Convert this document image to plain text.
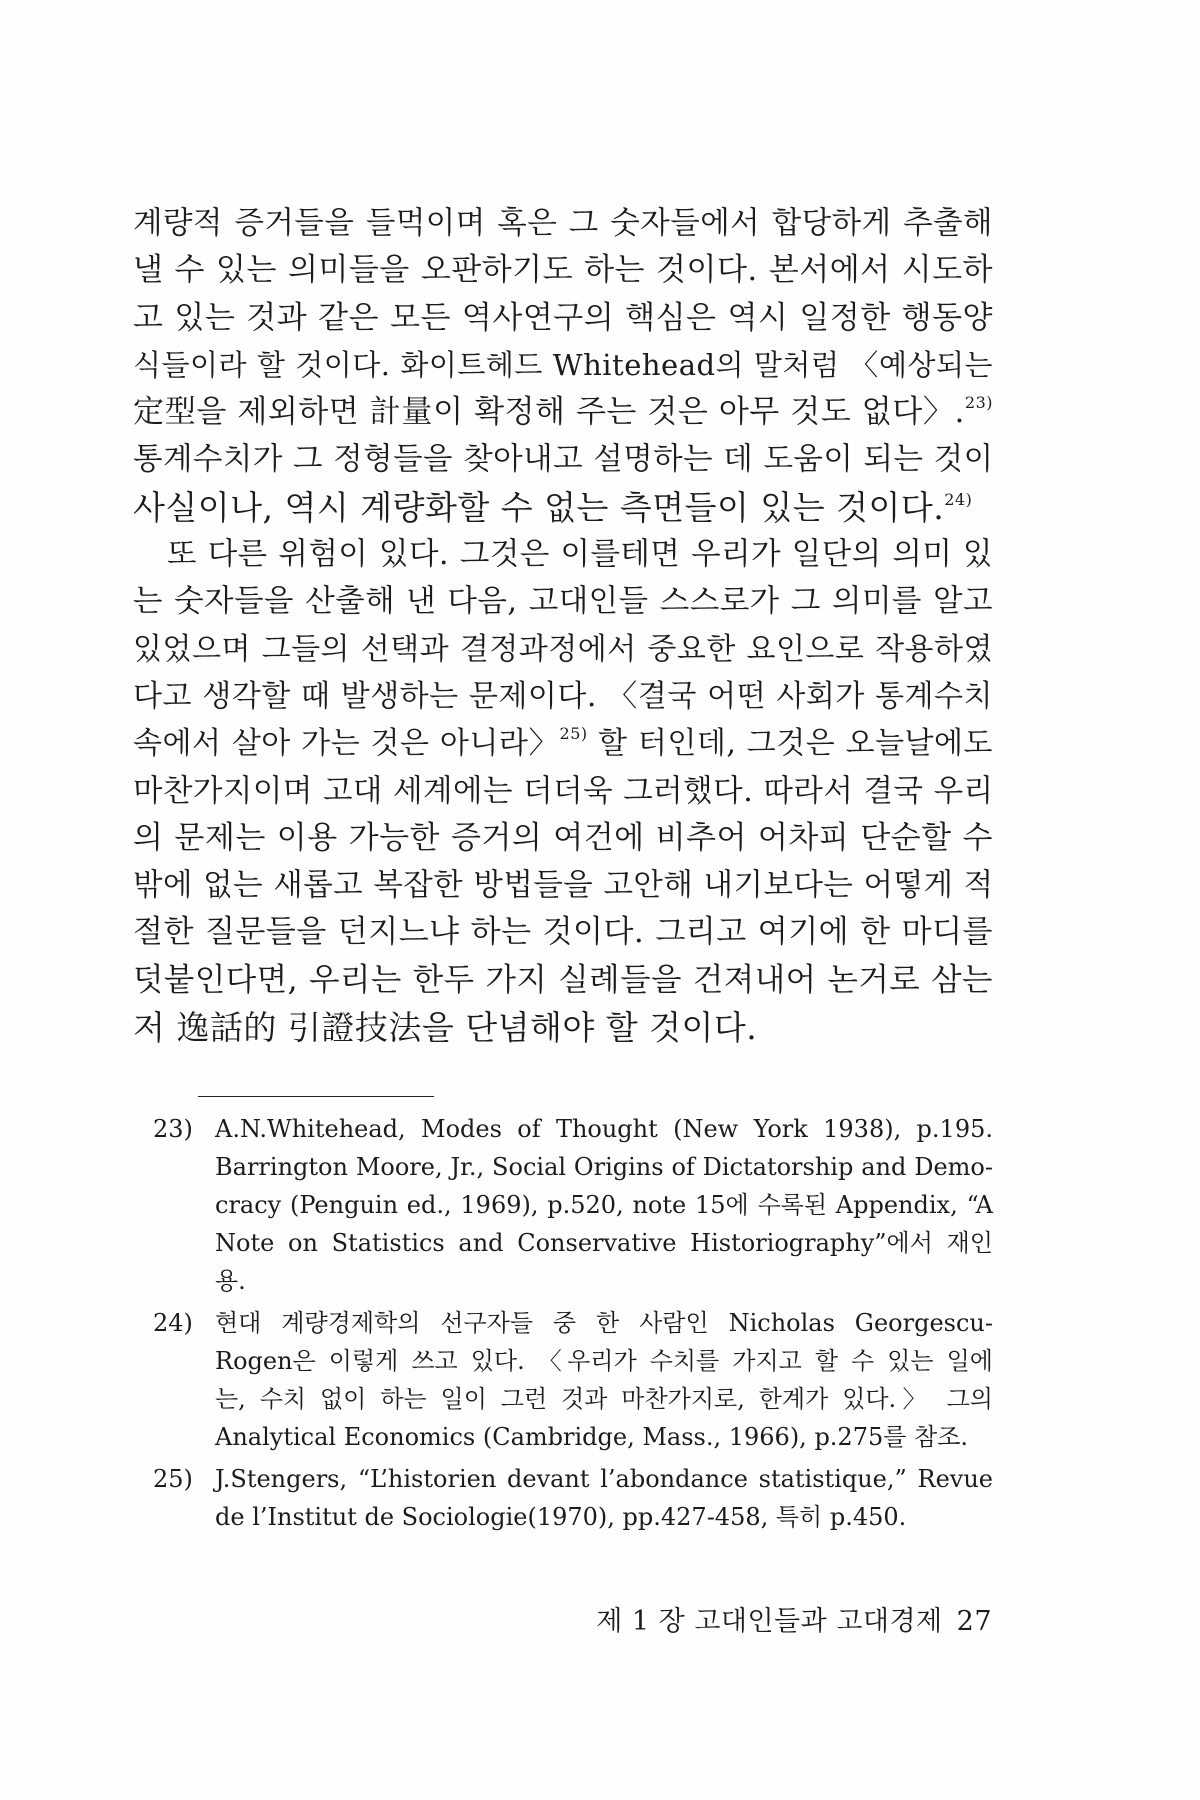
계량적 증거들을 들먹이며 혹은 그 숫자들에서 합당하게 추출해
낼 수 있는 의미들을 오판하기도 하는 것이다. 본서에서 시도하
고 있는 것과 같은 모든 역사연구의 핵심은 역시 일정한 행동양
식들이라 할 것이다. 화이트헤드 Whitehead의 말처럼 〈예상되는
定型을 제외하면 計量이 확정해 주는 것은 아무 것도 없다〉.$^{23)}$
통계수치가 그 정형들을 찾아내고 설명하는 데 도움이 되는 것이
사실이나, 역시 계량화할 수 없는 측면들이 있는 것이다.$^{24)}$
또 다른 위험이 있다. 그것은 이를테면 우리가 일단의 의미 있
는 숫자들을 산출해 낸 다음, 고대인들 스스로가 그 의미를 알고
있었으며 그들의 선택과 결정과정에서 중요한 요인으로 작용하였
다고 생각할 때 발생하는 문제이다. 〈결국 어떤 사회가 통계수치
속에서 살아 가는 것은 아니라〉$^{25)}$ 할 터인데, 그것은 오늘날에도
마찬가지이며 고대 세계에는 더더욱 그러했다. 따라서 결국 우리
의 문제는 이용 가능한 증거의 여건에 비추어 어차피 단순할 수
밖에 없는 새롭고 복잡한 방법들을 고안해 내기보다는 어떻게 적
절한 질문들을 던지느냐 하는 것이다. 그리고 여기에 한 마디를
덧붙인다면, 우리는 한두 가지 실례들을 건져내어 논거로 삼는
저 逸話的 引證技法을 단념해야 할 것이다.
23) A.N.Whitehead, Modes of Thought (New York 1938), p.195.
Barrington Moore, Jr., Social Origins of Dictatorship and Demo-
cracy (Penguin ed., 1969), p.520, note 15에 수록된 Appendix, “A
Note on Statistics and Conservative Historiography”에서 재인
용.
24) 현대 계량경제학의 선구자들 중 한 사람인 Nicholas Georgescu-
Rogen은 이렇게 쓰고 있다. 〈우리가 수치를 가지고 할 수 있는 일에
는, 수치 없이 하는 일이 그런 것과 마찬가지로, 한계가 있다.〉 그의
Analytical Economics (Cambridge, Mass., 1966), p.275를 참조.
25) J.Stengers, “L’historien devant l’abondance statistique,” Revue
de l’Institut de Sociologie(1970), pp.427-458, 특히 p.450.
제 1 장 고대인들과 고대경제 27
